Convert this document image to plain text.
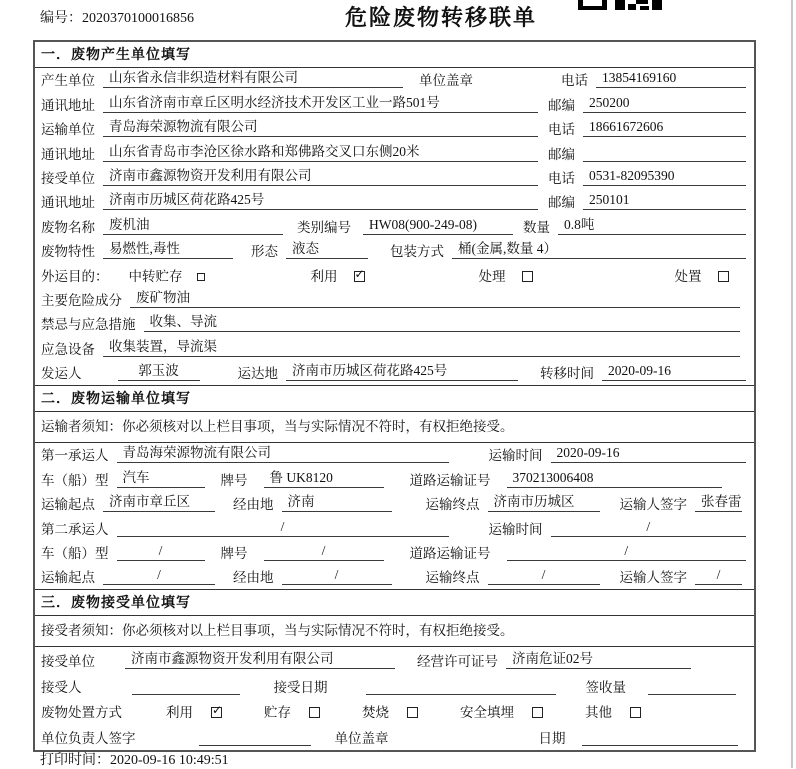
编号：2020370100016856	危险废物转移联单
一．废物产生单位填写
产生单位	山东省永信非织造材料有限公司	单位盖章	电话	13854169160
通讯地址	山东省济南市章丘区明水经济技术开发区工业一路501号	邮编	250200
运输单位	青岛海荣源物流有限公司	电话	18661672606
通讯地址	山东省青岛市李沧区徐水路和郑佛路交叉口东侧20米	邮编
接受单位	济南市鑫源物资开发利用有限公司	电话	0531-82095390
通讯地址	济南市历城区荷花路425号	邮编	250101
废物名称	废机油	类别编号	HW08(900-249-08)	数量	0.8吨
废物特性	易燃性,毒性	形态	液态	包装方式	桶(金属,数量 4）
外运目的： 中转贮存	利用 ✓	处理	处置
主要危险成分	废矿物油
禁忌与应急措施	收集、导流
应急设备	收集装置，导流渠
发运人	郭玉波	运达地	济南市历城区荷花路425号	转移时间	2020-09-16
二．废物运输单位填写
运输者须知：你必须核对以上栏目事项，当与实际情况不符时，有权拒绝接受。
第一承运人	青岛海荣源物流有限公司	运输时间	2020-09-16
车（船）型	汽车	牌号	鲁 UK8120	道路运输证号	370213006408
运输起点	济南市章丘区	经由地	济南	运输终点	济南市历城区	运输人签字	张春雷
第二承运人	/	运输时间	/
车（船）型	/	牌号	/	道路运输证号	/
运输起点	/	经由地	/	运输终点	/	运输人签字	/
三．废物接受单位填写
接受者须知：你必须核对以上栏目事项，当与实际情况不符时，有权拒绝接受。
接受单位	济南市鑫源物资开发利用有限公司	经营许可证号	济南危证02号
接受人	接受日期	签收量
废物处置方式	利用 ✓	贮存	焚烧	安全填埋	其他
单位负责人签字	单位盖章	日期
打印时间：2020-09-16 10:49:51
